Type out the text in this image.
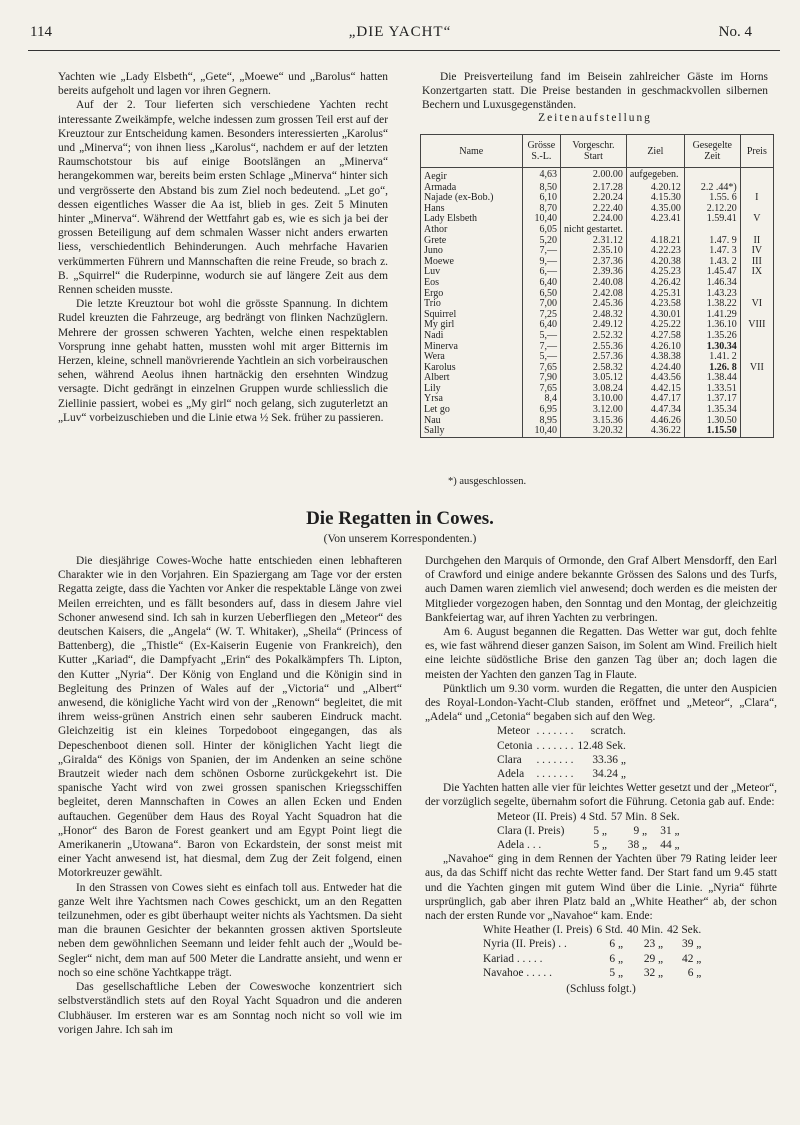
114	„DIE YACHT“	No. 4

Yachten wie „Lady Elsbeth“, „Gete“, „Moewe“ und „Barolus“ hatten bereits aufgeholt und lagen vor ihren Gegnern.

Auf der 2. Tour lieferten sich verschiedene Yachten recht interessante Zweikämpfe, welche indessen zum grossen Teil erst auf der Kreuztour zur Entscheidung kamen. Besonders interessierten „Karolus“ und „Minerva“; von ihnen liess „Karolus“, nachdem er auf der letzten Raumschotstour bis auf einige Bootslängen an „Minerva“ herangekommen war, bereits beim ersten Schlage „Minerva“ hinter sich und vergrösserte den Abstand bis zum Ziel noch bedeutend. „Let go“, dessen eigentliches Wasser die Aa ist, blieb in ges. Zeit 5 Minuten hinter „Minerva“. Während der Wettfahrt gab es, wie es sich ja bei der grossen Beteiligung auf dem schmalen Wasser nicht anders erwarten liess, verschiedentlich Behinderungen. Auch mehrfache Havarien verkümmerten Führern und Mannschaften die reine Freude, so brach z. B. „Squirrel“ die Ruderpinne, wodurch sie auf längere Zeit aus dem Rennen scheiden musste.

Die letzte Kreuztour bot wohl die grösste Spannung. In dichtem Rudel kreuzten die Fahrzeuge, arg bedrängt von flinken Nachzüglern. Mehrere der grossen schweren Yachten, welche einen respektablen Vorsprung inne gehabt hatten, mussten wohl mit arger Bitternis im Herzen, kleine, schnell manövrierende Yachtlein an sich vorbeirauschen sehen, während Aeolus ihnen hartnäckig den ersehnten Windzug versagte. Dicht gedrängt in einzelnen Gruppen wurde schliesslich die Ziellinie passiert, wobei es „My girl“ noch gelang, sich zuguterletzt an „Luv“ vorbeizuschieben und die Linie etwa ½ Sek. früher zu passieren.

Die Preisverteilung fand im Beisein zahlreicher Gäste im Horns Konzertgarten statt. Die Preise bestanden in geschmackvollen silbernen Bechern und Luxusgegenständen.

Zeitenaufstellung
Name	Grösse S.-L.	Vorgeschr. Start	Ziel	Gesegelte Zeit	Preis
Aegir	4,63	2.00.00	aufgegeben.		
Armada	8,50	2.17.28	4.20.12	2.2 .44*)	
Najade (ex-Bob.)	6,10	2.20.24	4.15.30	1.55. 6	I
Hans	8,70	2.22.40	4.35.00	2.12.20	
Lady Elsbeth	10,40	2.24.00	4.23.41	1.59.41	V
Athor	6,05	nicht gestartet.			
Grete	5,20	2.31.12	4.18.21	1.47. 9	II
Juno	7,—	2.35.10	4.22.23	1.47. 3	IV
Moewe	9,—	2.37.36	4.20.38	1.43. 2	III
Luv	6,—	2.39.36	4.25.23	1.45.47	IX
Eos	6,40	2.40.08	4.26.42	1.46.34	
Ergo	6,50	2.42.08	4.25.31	1.43.23	
Trio	7,00	2.45.36	4.23.58	1.38.22	VI
Squirrel	7,25	2.48.32	4.30.01	1.41.29	
My girl	6,40	2.49.12	4.25.22	1.36.10	VIII
Nadi	5,—	2.52.32	4.27.58	1.35.26	
Minerva	7,—	2.55.36	4.26.10	1.30.34	
Wera	5,—	2.57.36	4.38.38	1.41. 2	
Karolus	7,65	2.58.32	4.24.40	1.26. 8	VII
Albert	7,90	3.05.12	4.43.56	1.38.44	
Lily	7,65	3.08.24	4.42.15	1.33.51	
Yrsa	8,4	3.10.00	4.47.17	1.37.17	
Let go	6,95	3.12.00	4.47.34	1.35.34	
Nau	8,95	3.15.36	4.46.26	1.30.50	
Sally	10,40	3.20.32	4.36.22	1.15.50	
*) ausgeschlossen.
Die Regatten in Cowes.
(Von unserem Korrespondenten.)

Die diesjährige Cowes-Woche hatte entschieden einen lebhafteren Charakter wie in den Vorjahren. Ein Spaziergang am Tage vor der ersten Regatta zeigte, dass die Yachten vor Anker die respektable Länge von zwei Meilen erreichten, und es fällt besonders auf, dass in diesem Jahre viel Schoner anwesend sind. Ich sah in kurzen Ueberfliegen den „Meteor“ des deutschen Kaisers, die „Angela“ (W. T. Whitaker), „Sheila“ (Princess of Battenberg), die „Thistle“ (Ex-Kaiserin Eugenie von Frankreich), den Kutter „Kariad“, die Dampfyacht „Erin“ des Pokalkämpfers Th. Lipton, den Kutter „Nyria“. Der König von England und die Königin sind in Begleitung des Prinzen of Wales auf der „Victoria“ und „Albert“ anwesend, die königliche Yacht wird von der „Renown“ begleitet, die mit ihrem weiss-grünen Anstrich einen sehr sauberen Eindruck macht. Gleichzeitig ist ein kleines Torpedoboot eingegangen, das als Depeschenboot dienen soll. Hinter der königlichen Yacht liegt die „Giralda“ des Königs von Spanien, der im Andenken an seine schöne Brautzeit wieder nach dem schönen Osborne zurückgekehrt ist. Die spanische Yacht wird von zwei grossen spanischen Kriegsschiffen begleitet, deren Mannschaften in Cowes an allen Ecken und Enden auftauchen. Gegenüber dem Haus des Royal Yacht Squadron hat die „Honor“ des Baron de Forest geankert und am Egypt Point liegt die Amerikanerin „Utowana“. Baron von Eckardstein, der sonst meist mit einer Yacht anwesend ist, hat diesmal, dem Zug der Zeit folgend, einen Motorkreuzer gewählt.

In den Strassen von Cowes sieht es einfach toll aus. Entweder hat die ganze Welt ihre Yachtsmen nach Cowes geschickt, um an den Regatten teilzunehmen, oder es gibt überhaupt weiter nichts als Yachtsmen. Da sieht man die braunen Gesichter der bekannten grossen aktiven Sportsleute neben dem gewöhnlichen Seemann und leider fehlt auch der „Would be-Segler“ nicht, dem man auf 500 Meter die Landratte ansieht, und wenn er noch so eine schöne Yachtkappe trägt.

Das gesellschaftliche Leben der Coweswoche konzentriert sich selbstverständlich stets auf den Royal Yacht Squadron und die anderen Clubhäuser. Im ersteren war es am Sonntag noch nicht so voll wie im vorigen Jahre. Ich sah im

Durchgehen den Marquis of Ormonde, den Graf Albert Mensdorff, den Earl of Crawford und einige andere bekannte Grössen des Salons und des Turfs, auch Damen waren ziemlich viel anwesend; doch werden es die meisten der Mitglieder vorgezogen haben, den Sonntag und den Montag, der gleichzeitig Bankfeiertag war, auf ihren Yachten zu verbringen.

Am 6. August begannen die Regatten. Das Wetter war gut, doch fehlte es, wie fast während dieser ganzen Saison, im Solent am Wind. Freilich hielt eine leichte südöstliche Brise den ganzen Tag über an; doch lagen die meisten der Yachten den ganzen Tag in Flaute.

Pünktlich um 9.30 vorm. wurden die Regatten, die unter den Auspicien des Royal-London-Yacht-Club standen, eröffnet und „Meteor“, „Clara“, „Adela“ und „Cetonia“ begaben sich auf den Weg.

Meteor	. . . . . . .	scratch.
Cetonia	. . . . . . .	12.48 Sek.
Clara	. . . . . . .	33.36 „
Adela	. . . . . . .	34.24 „

Die Yachten hatten alle vier für leichtes Wetter gesetzt und der „Meteor“, der vorzüglich segelte, übernahm sofort die Führung. Cetonia gab auf. Ende:

Meteor (II. Preis)	4 Std.	57 Min.	8 Sek.
Clara (I. Preis)	5 „	9 „	31 „
Adela . . .	5 „	38 „	44 „

„Navahoe“ ging in dem Rennen der Yachten über 79 Rating leider leer aus, da das Schiff nicht das rechte Wetter fand. Der Start fand um 9.45 statt und die Yachten gingen mit gutem Wind über die Linie. „Nyria“ führte ursprünglich, gab aber ihren Platz bald an „White Heather“ ab, der schon nach der ersten Runde vor „Navahoe“ kam. Ende:

White Heather (I. Preis)	6 Std.	40 Min.	42 Sek.
Nyria (II. Preis) . .	6 „	23 „	39 „
Kariad . . . . .	6 „	29 „	42 „
Navahoe . . . . .	5 „	32 „	6 „
(Schluss folgt.)
